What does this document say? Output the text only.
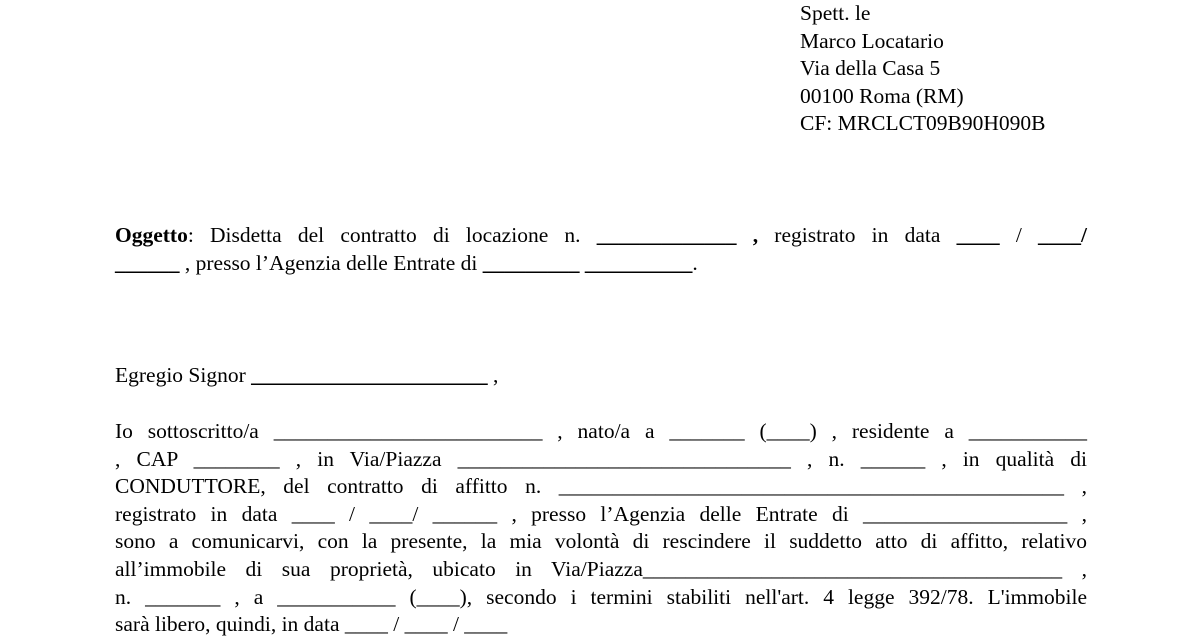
Spett. le
Marco Locatario
Via della Casa 5
00100 Roma (RM)
CF: MRCLCT09B90H090B
Oggetto: Disdetta del contratto di locazione n. _____________ , registrato in data ____ / ____/
______ , presso l’Agenzia delle Entrate di _________ __________.
Egregio Signor ______________________ ,
Io sottoscritto/a _________________________ , nato/a a _______ (____) , residente a ___________
, CAP ________ , in Via/Piazza _______________________________ , n. ______ , in qualità di
CONDUTTORE, del contratto di affitto n. _______________________________________________ ,
registrato in data ____ / ____/ ______ , presso l’Agenzia delle Entrate di ___________________ ,
sono a comunicarvi, con la presente, la mia volontà di rescindere il suddetto atto di affitto, relativo
all’immobile di sua proprietà, ubicato in Via/Piazza_______________________________________ ,
n. _______ , a ___________ (____), secondo i termini stabiliti nell'art. 4 legge 392/78. L'immobile
sarà libero, quindi, in data ____ / ____ / ____
